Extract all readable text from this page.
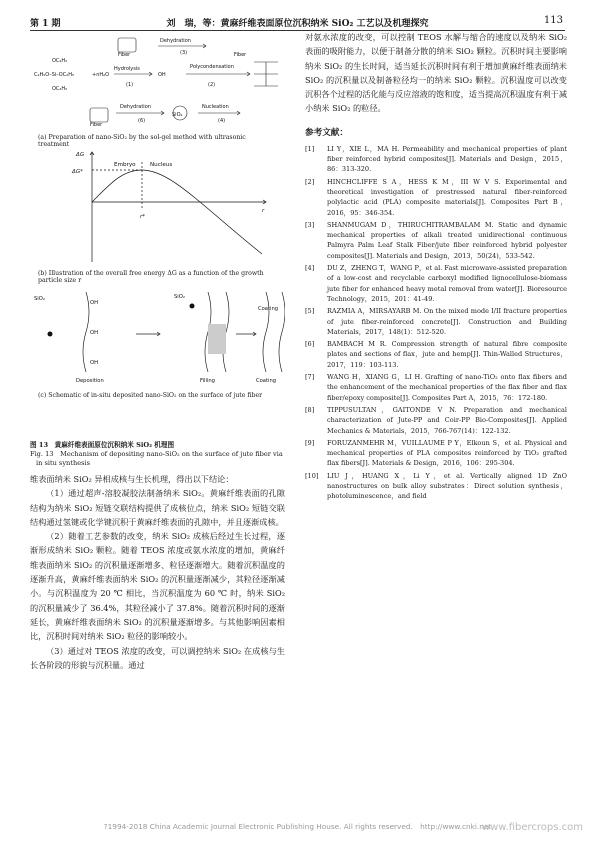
第 1 期	刘　瑞，等：黄麻纤维表面原位沉积纳米 SiO₂ 工艺以及机理探究	113
C₂H₅O–Si–OC₂H₅
OC₂H₅
OC₂H₅
+nH₂O
Hydrolysis
(1)
OH
Polycondensation
(2)
Dehydration
(3)
Fiber	Fiber
Dehydration
(6)
Fiber
Nucleation
(4)
SiO₂
ΔG
ΔG*
Embryo	Nucleus
r*
r
SiO₂
OH
OH
OH
Deposition
SiO₂
Filling
Coating
Coating
(a) Preparation of nano-SiO₂ by the sol-gel method with ultrasonic treatment
(b) Illustration of the overall free energy ΔG as a function of the growth particle size r
(c) Schematic of in-situ deposited nano-SiO₂ on the surface of jute fiber
图 13　黄麻纤维表面原位沉积纳米 SiO₂ 机理图
Fig. 13　Mechanism of depositing nano-SiO₂ on the surface of jute fiber via in situ synthesis

维表面纳米 SiO₂ 异相成核与生长机理，得出以下结论：

（1）通过超声-溶胶凝胶法制备纳米 SiO₂。黄麻纤维表面的孔隙结构为纳米 SiO₂ 短链交联结构提供了成核位点，纳米 SiO₂ 短链交联结构通过氢键或化学键沉积于黄麻纤维表面的孔隙中，并且逐渐成核。

（2）随着工艺参数的改变，纳米 SiO₂ 成核后经过生长过程，逐渐形成纳米 SiO₂ 颗粒。随着 TEOS 浓度或氨水浓度的增加，黄麻纤维表面纳米 SiO₂ 的沉积量逐渐增多、粒径逐渐增大。随着沉积温度的逐渐升高，黄麻纤维表面纳米 SiO₂ 的沉积量逐渐减少，其粒径逐渐减小。与沉积温度为 20 ℃ 相比，当沉积温度为 60 ℃ 时，纳米 SiO₂ 的沉积量减少了 36.4%，其粒径减小了 37.8%。随着沉积时间的逐渐延长，黄麻纤维表面纳米 SiO₂ 的沉积量逐渐增多。与其他影响因素相比，沉积时间对纳米 SiO₂ 粒径的影响较小。

（3）通过对 TEOS 浓度的改变，可以调控纳米 SiO₂ 在成核与生长各阶段的形貌与沉积量。通过

对氨水浓度的改变，可以控制 TEOS 水解与缩合的速度以及纳米 SiO₂ 表面的吸附能力，以便于制备分散的纳米 SiO₂ 颗粒。沉积时间主要影响纳米 SiO₂ 的生长时间，适当延长沉积时间有利于增加黄麻纤维表面纳米 SiO₂ 的沉积量以及制备粒径均一的纳米 SiO₂ 颗粒。沉积温度可以改变沉积各个过程的活化能与反应溶液的饱和度，适当提高沉积温度有利于减小纳米 SiO₂ 的粒径。
参考文献：
[1]	LI Y，XIE L，MA H. Permeability and mechanical properties of plant fiber reinforced hybrid composites[J]. Materials and Design，2015，86：313-320.
[2]	HINCHCLIFFE S A，HESS K M，III W V S. Experimental and theoretical investigation of prestressed natural fiber-reinforced polylactic acid (PLA) composite materials[J]. Composites Part B，2016，95：346-354.
[3]	SHANMUGAM D，THIRUCHITRAMBALAM M. Static and dynamic mechanical properties of alkali treated unidirectional continuous Palmyra Palm Leaf Stalk Fiber/jute fiber reinforced hybrid polyester composites[J]. Materials and Design，2013，50(24)，533-542.
[4]	DU Z，ZHENG T，WANG P，et al. Fast microwave-assisted preparation of a low-cost and recyclable carboxyl modified lignocellulose-biomass jute fiber for enhanced heavy metal removal from water[J]. Bioresource Technology，2015，201：41-49.
[5]	RAZMIA A，MIRSAYARB M. On the mixed mode I/II fracture properties of jute fiber-reinforced concrete[J]. Construction and Building Materials，2017，148(1)：512-520.
[6]	BAMBACH M R. Compression strength of natural fibre composite plates and sections of flax，jute and hemp[J]. Thin-Walled Structures，2017，119：103-113.
[7]	WANG H，XIANG G，LI H. Grafting of nano-TiO₂ onto flax fibers and the enhancement of the mechanical properties of the flax fiber and flax fiber/epoxy composite[J]. Composites Part A，2015，76：172-180.
[8]	TIPPUSULTAN，GAITONDE V N. Preparation and mechanical characterization of Jute-PP and Coir-PP Bio-Composites[J]. Applied Mechanics & Materials，2015，766-767(14)：122-132.
[9]	FORUZANMEHR M，VUILLAUME P Y，Elkoun S，et al. Physical and mechanical properties of PLA composites reinforced by TiO₂ grafted flax fibers[J]. Materials & Design，2016，106：295-304.
[10]	LIU J，HUANG X，Li Y，et al. Vertically aligned 1D ZnO nanostructures on bulk alloy substrates：Direct solution synthesis，photoluminescence，and field
?1994-2018 China Academic Journal Electronic Publishing House. All rights reserved.　http://www.cnki.net
www.fibercrops.com
